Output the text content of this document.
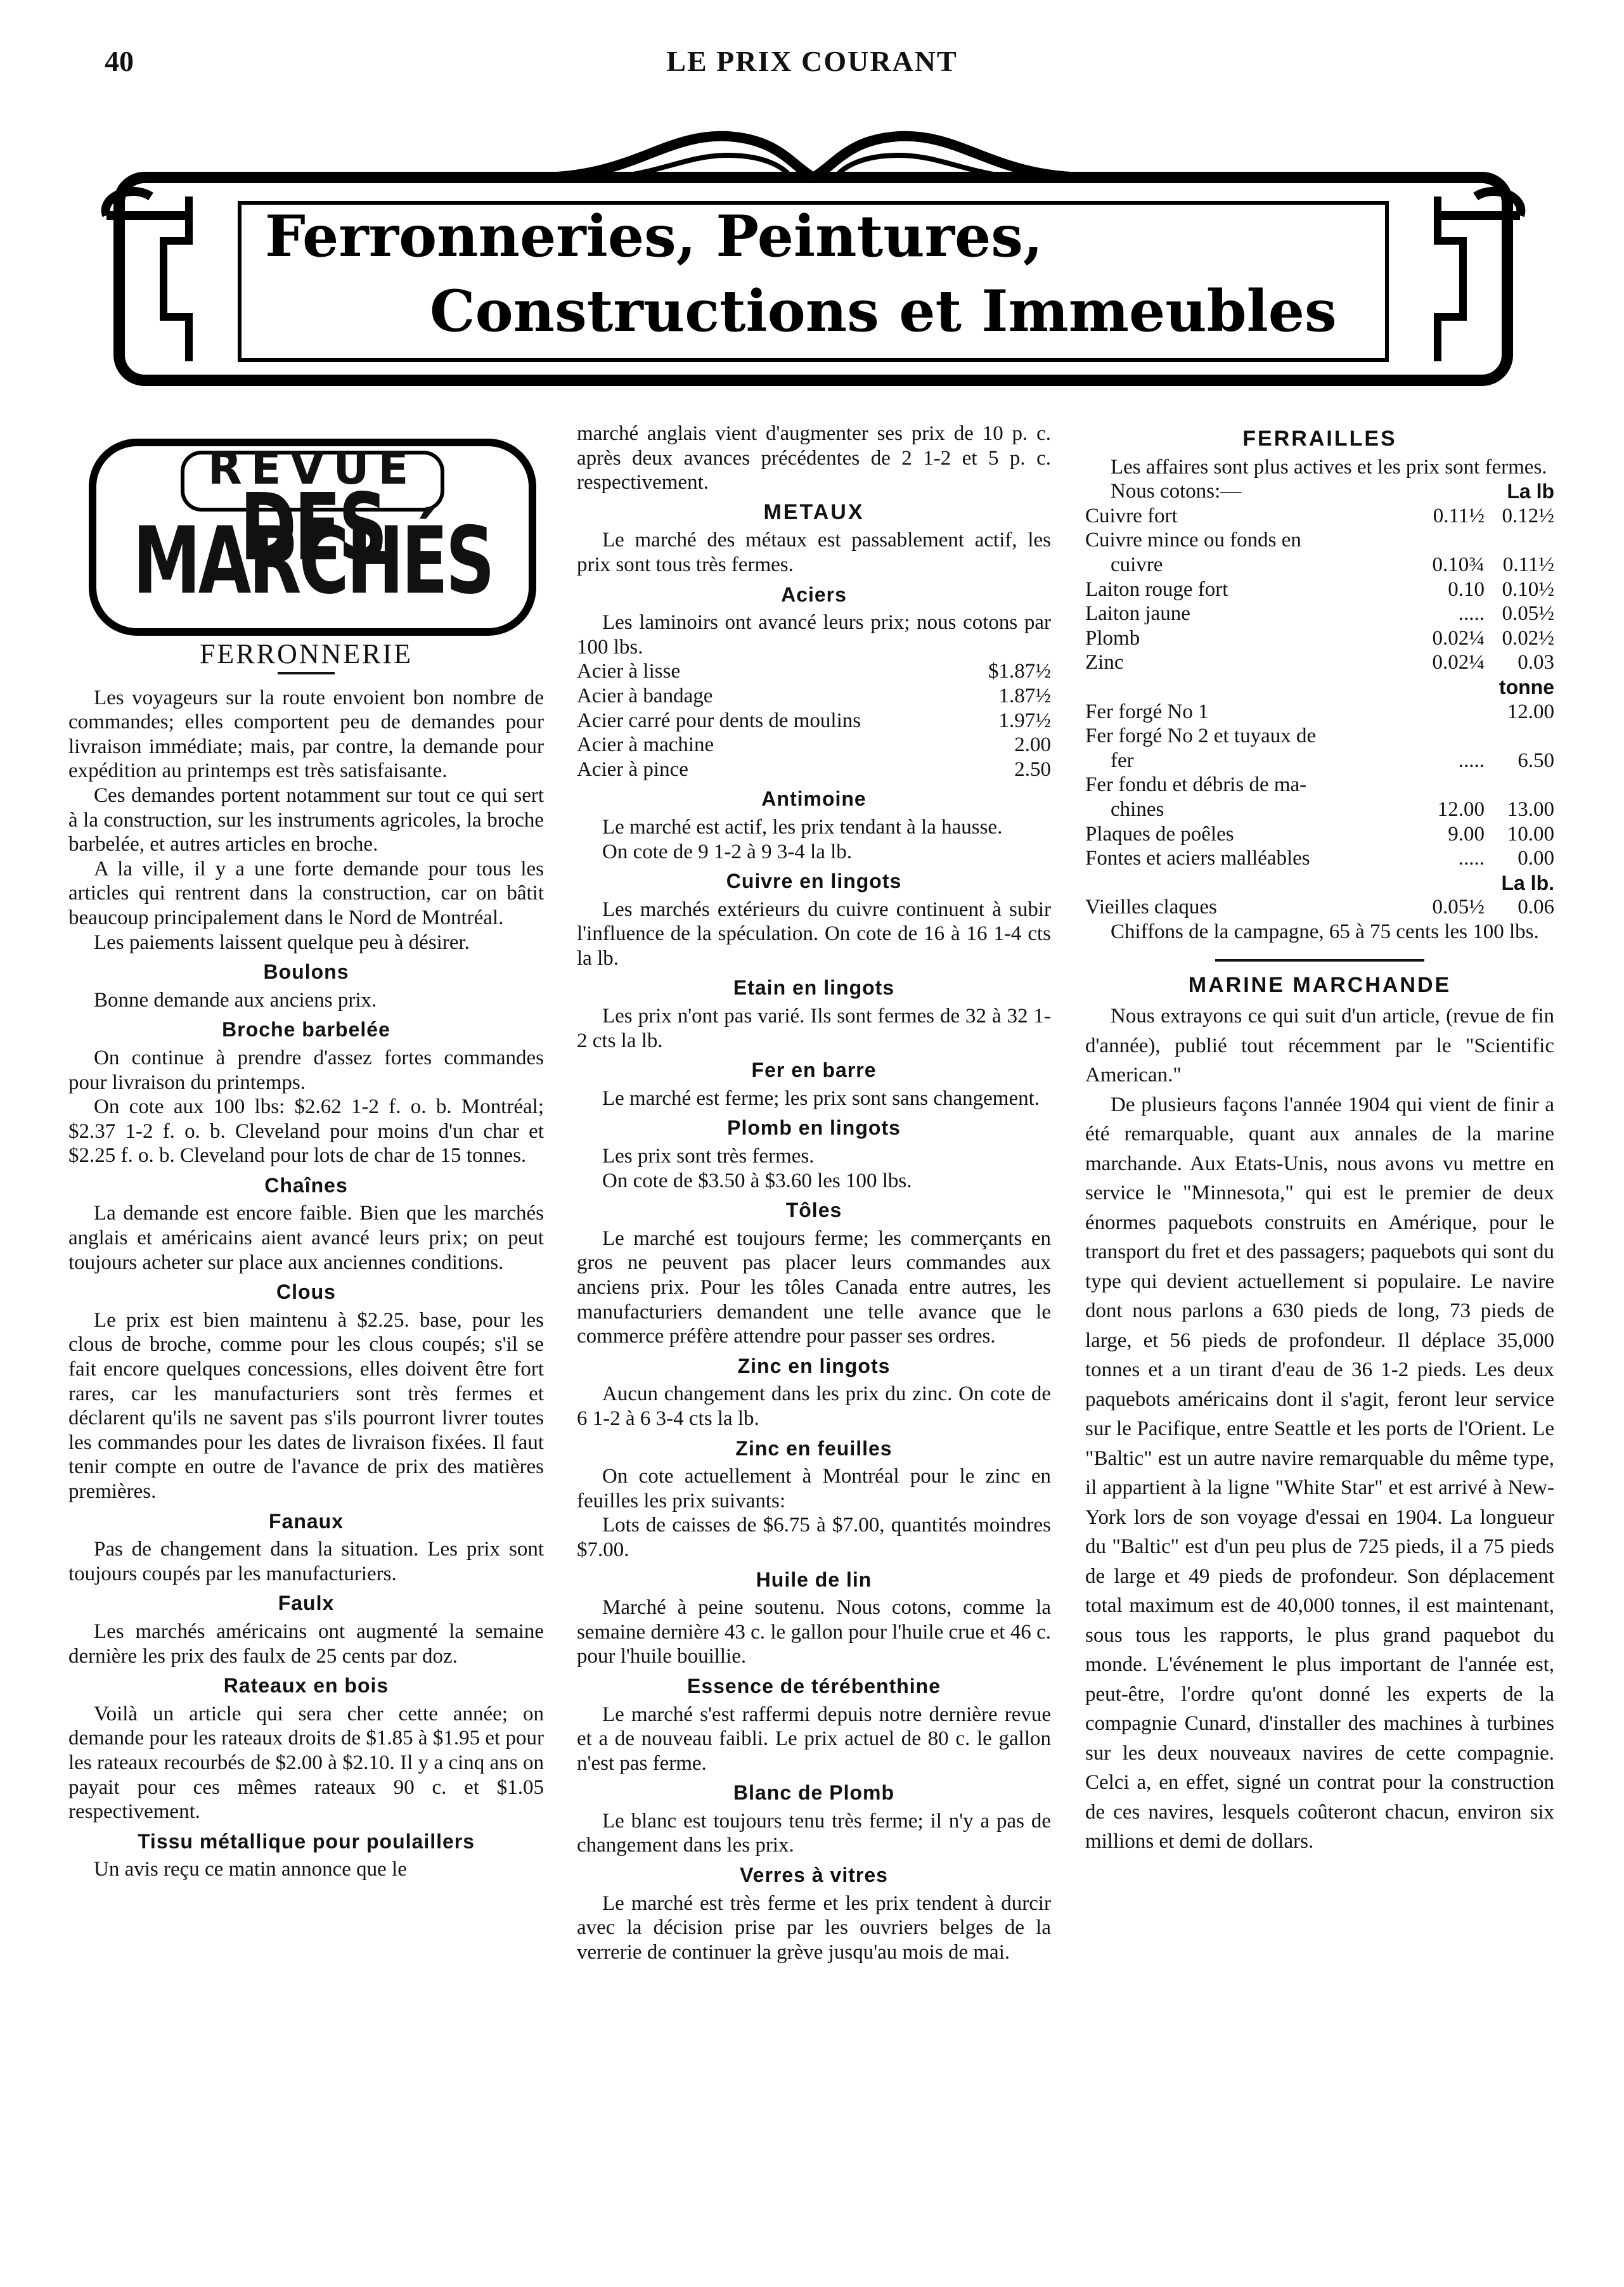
40	LE PRIX COURANT
Ferronneries, Peintures,
Constructions et Immeubles
REVUE
DES MARCHÉS
FERRONNERIE

Les voyageurs sur la route envoient bon nombre de commandes; elles comportent peu de demandes pour livraison immédiate; mais, par contre, la demande pour expédition au printemps est très satisfaisante.

Ces demandes portent notamment sur tout ce qui sert à la construction, sur les instruments agricoles, la broche barbelée, et autres articles en broche.

A la ville, il y a une forte demande pour tous les articles qui rentrent dans la construction, car on bâtit beaucoup principalement dans le Nord de Montréal.

Les paiements laissent quelque peu à désirer.

Boulons

Bonne demande aux anciens prix.

Broche barbelée

On continue à prendre d'assez fortes commandes pour livraison du printemps.

On cote aux 100 lbs: $2.62 1-2 f. o. b. Montréal; $2.37 1-2 f. o. b. Cleveland pour moins d'un char et $2.25 f. o. b. Cleveland pour lots de char de 15 tonnes.

Chaînes

La demande est encore faible. Bien que les marchés anglais et américains aient avancé leurs prix; on peut toujours acheter sur place aux anciennes conditions.

Clous

Le prix est bien maintenu à $2.25. base, pour les clous de broche, comme pour les clous coupés; s'il se fait encore quelques concessions, elles doivent être fort rares, car les manufacturiers sont très fermes et déclarent qu'ils ne savent pas s'ils pourront livrer toutes les commandes pour les dates de livraison fixées. Il faut tenir compte en outre de l'avance de prix des matières premières.

Fanaux

Pas de changement dans la situation. Les prix sont toujours coupés par les manufacturiers.

Faulx

Les marchés américains ont augmenté la semaine dernière les prix des faulx de 25 cents par doz.

Rateaux en bois

Voilà un article qui sera cher cette année; on demande pour les rateaux droits de $1.85 à $1.95 et pour les rateaux recourbés de $2.00 à $2.10. Il y a cinq ans on payait pour ces mêmes rateaux 90 c. et $1.05 respectivement.

Tissu métallique pour poulaillers

Un avis reçu ce matin annonce que le

marché anglais vient d'augmenter ses prix de 10 p. c. après deux avances précédentes de 2 1-2 et 5 p. c. respectivement.

METAUX

Le marché des métaux est passablement actif, les prix sont tous très fermes.

Aciers

Les laminoirs ont avancé leurs prix; nous cotons par 100 lbs.

Acier à lisse	$1.87½
Acier à bandage	1.87½
Acier carré pour dents de moulins	1.97½
Acier à machine	2.00
Acier à pince	2.50
Antimoine

Le marché est actif, les prix tendant à la hausse.

On cote de 9 1-2 à 9 3-4 la lb.

Cuivre en lingots

Les marchés extérieurs du cuivre continuent à subir l'influence de la spéculation. On cote de 16 à 16 1-4 cts la lb.

Etain en lingots

Les prix n'ont pas varié. Ils sont fermes de 32 à 32 1-2 cts la lb.

Fer en barre

Le marché est ferme; les prix sont sans changement.

Plomb en lingots

Les prix sont très fermes.

On cote de $3.50 à $3.60 les 100 lbs.

Tôles

Le marché est toujours ferme; les commerçants en gros ne peuvent pas placer leurs commandes aux anciens prix. Pour les tôles Canada entre autres, les manufacturiers demandent une telle avance que le commerce préfère attendre pour passer ses ordres.

Zinc en lingots

Aucun changement dans les prix du zinc. On cote de 6 1-2 à 6 3-4 cts la lb.

Zinc en feuilles

On cote actuellement à Montréal pour le zinc en feuilles les prix suivants:

Lots de caisses de $6.75 à $7.00, quantités moindres $7.00.

Huile de lin

Marché à peine soutenu. Nous cotons, comme la semaine dernière 43 c. le gallon pour l'huile crue et 46 c. pour l'huile bouillie.

Essence de térébenthine

Le marché s'est raffermi depuis notre dernière revue et a de nouveau faibli. Le prix actuel de 80 c. le gallon n'est pas ferme.

Blanc de Plomb

Le blanc est toujours tenu très ferme; il n'y a pas de changement dans les prix.

Verres à vitres

Le marché est très ferme et les prix tendent à durcir avec la décision prise par les ouvriers belges de la verrerie de continuer la grève jusqu'au mois de mai.

FERRAILLES

Les affaires sont plus actives et les prix sont fermes.

Nous cotons:—	La lb
Cuivre fort	0.11½	0.12½
Cuivre mince ou fonds en		
cuivre	0.10¾	0.11½
Laiton rouge fort	0.10	0.10½
Laiton jaune	.....	0.05½
Plomb	0.02¼	0.02½
Zinc	0.02¼	0.03
tonne
Fer forgé No 1		12.00
Fer forgé No 2 et tuyaux de		
fer	.....	6.50
Fer fondu et débris de ma-		
chines	12.00	13.00
Plaques de poêles	9.00	10.00
Fontes et aciers malléables	.....	0.00
La lb.
Vieilles claques	0.05½	0.06

Chiffons de la campagne, 65 à 75 cents les 100 lbs.

MARINE MARCHANDE

Nous extrayons ce qui suit d'un article, (revue de fin d'année), publié tout récemment par le "Scientific American."

De plusieurs façons l'année 1904 qui vient de finir a été remarquable, quant aux annales de la marine marchande. Aux Etats-Unis, nous avons vu mettre en service le "Minnesota," qui est le premier de deux énormes paquebots construits en Amérique, pour le transport du fret et des passagers; paquebots qui sont du type qui devient actuellement si populaire. Le navire dont nous parlons a 630 pieds de long, 73 pieds de large, et 56 pieds de profondeur. Il déplace 35,000 tonnes et a un tirant d'eau de 36 1-2 pieds. Les deux paquebots américains dont il s'agit, feront leur service sur le Pacifique, entre Seattle et les ports de l'Orient. Le "Baltic" est un autre navire remarquable du même type, il appartient à la ligne "White Star" et est arrivé à New-York lors de son voyage d'essai en 1904. La longueur du "Baltic" est d'un peu plus de 725 pieds, il a 75 pieds de large et 49 pieds de profondeur. Son déplacement total maximum est de 40,000 tonnes, il est maintenant, sous tous les rapports, le plus grand paquebot du monde. L'événement le plus important de l'année est, peut-être, l'ordre qu'ont donné les experts de la compagnie Cunard, d'installer des machines à turbines sur les deux nouveaux navires de cette compagnie. Celci a, en effet, signé un contrat pour la construction de ces navires, lesquels coûteront chacun, environ six millions et demi de dollars.
